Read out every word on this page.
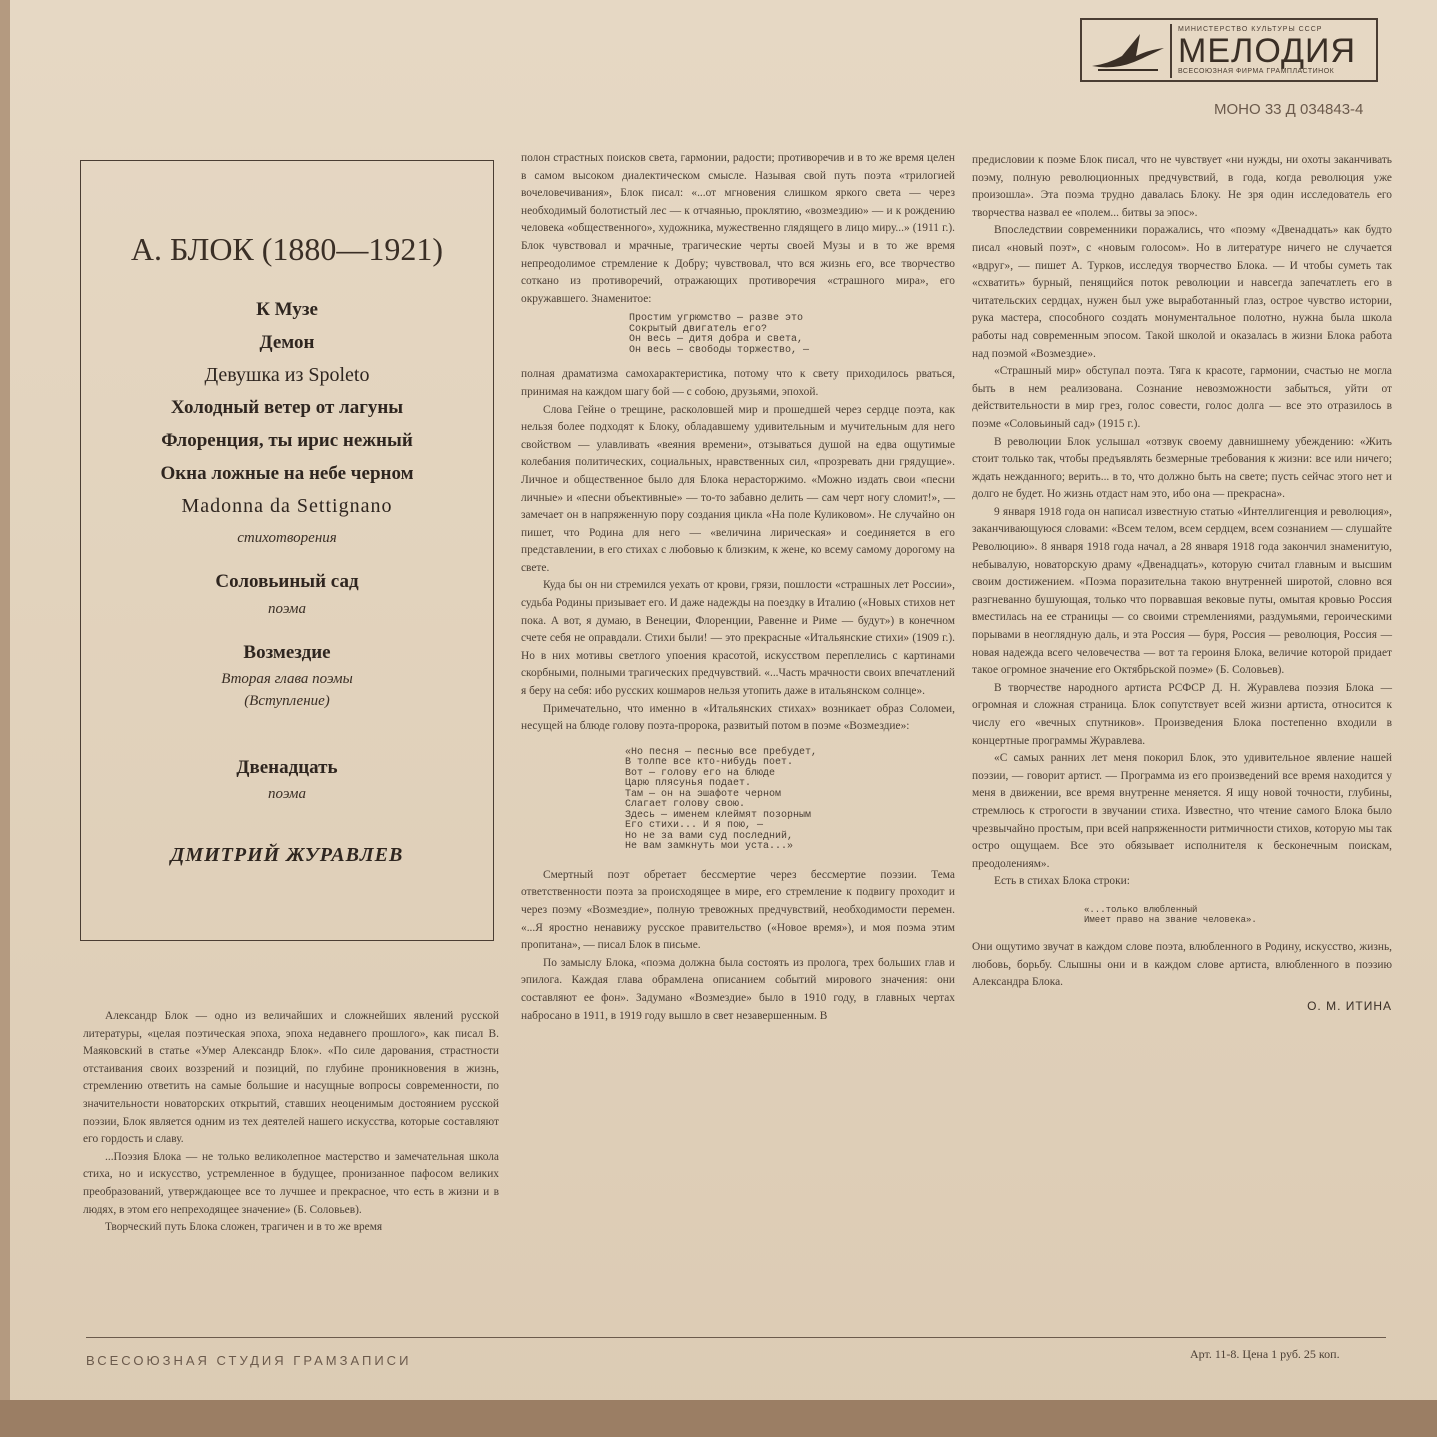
МИНИСТЕРСТВО КУЛЬТУРЫ СССР
МЕЛОДИЯ
ВСЕСОЮЗНАЯ ФИРМА ГРАМПЛАСТИНОК
МОНО 33 Д 034843-4
А. БЛОК (1880—1921)
К Музе
Демон
Девушка из Spoleto
Холодный ветер от лагуны
Флоренция, ты ирис нежный
Окна ложные на небе черном
Madonna da Settignano
стихотворения
Соловьиный сад
поэма
Возмездие
Вторая глава поэмы
(Вступление)
Двенадцать
поэма
ДМИТРИЙ ЖУРАВЛЕВ

Александр Блок — одно из величайших и сложнейших явлений русской литературы, «целая поэтическая эпоха, эпоха недавнего прошлого», как писал В. Маяковский в статье «Умер Александр Блок». «По силе дарования, страстности отстаивания своих воззрений и позиций, по глубине проникновения в жизнь, стремлению ответить на самые большие и насущные вопросы современности, по значительности новаторских открытий, ставших неоценимым достоянием русской поэзии, Блок является одним из тех деятелей нашего искусства, которые составляют его гордость и славу.

...Поэзия Блока — не только великолепное мастерство и замечательная школа стиха, но и искусство, устремленное в будущее, пронизанное пафосом великих преобразований, утверждающее все то лучшее и прекрасное, что есть в жизни и в людях, в этом его непреходящее значение» (Б. Соловьев).

Творческий путь Блока сложен, трагичен и в то же время

полон страстных поисков света, гармонии, радости; противоречив и в то же время целен в самом высоком диалектическом смысле. Называя свой путь поэта «трилогией вочеловечивания», Блок писал: «...от мгновения слишком яркого света — через необходимый болотистый лес — к отчаянью, проклятию, «возмездию» — и к рождению человека «общественного», художника, мужественно глядящего в лицо миру...» (1911 г.). Блок чувствовал и мрачные, трагические черты своей Музы и в то же время непреодолимое стремление к Добру; чувствовал, что вся жизнь его, все творчество соткано из противоречий, отражающих противоречия «страшного мира», его окружавшего. Знаменитое:

Простим угрюмство — разве это
Сокрытый двигатель его?
Он весь — дитя добра и света,
Он весь — свободы торжество, —

полная драматизма самохарактеристика, потому что к свету приходилось рваться, принимая на каждом шагу бой — с собою, друзьями, эпохой.

Слова Гейне о трещине, расколовшей мир и прошедшей через сердце поэта, как нельзя более подходят к Блоку, обладавшему удивительным и мучительным для него свойством — улавливать «веяния времени», отзываться душой на едва ощутимые колебания политических, социальных, нравственных сил, «прозревать дни грядущие». Личное и общественное было для Блока нерасторжимо. «Можно издать свои «песни личные» и «песни объективные» — то-то забавно делить — сам черт ногу сломит!», — замечает он в напряженную пору создания цикла «На поле Куликовом». Не случайно он пишет, что Родина для него — «величина лирическая» и соединяется в его представлении, в его стихах с любовью к близким, к жене, ко всему самому дорогому на свете.

Куда бы он ни стремился уехать от крови, грязи, пошлости «страшных лет России», судьба Родины призывает его. И даже надежды на поездку в Италию («Новых стихов нет пока. А вот, я думаю, в Венеции, Флоренции, Равенне и Риме — будут») в конечном счете себя не оправдали. Стихи были! — это прекрасные «Итальянские стихи» (1909 г.). Но в них мотивы светлого упоения красотой, искусством переплелись с картинами скорбными, полными трагических предчувствий. «...Часть мрачности своих впечатлений я беру на себя: ибо русских кошмаров нельзя утопить даже в итальянском солнце».

Примечательно, что именно в «Итальянских стихах» возникает образ Соломеи, несущей на блюде голову поэта-пророка, развитый потом в поэме «Возмездие»:

«Но песня — песнью все пребудет,
В толпе все кто-нибудь поет.
Вот — голову его на блюде
Царю плясунья подает.
Там — он на эшафоте черном
Слагает голову свою.
Здесь — именем клеймят позорным
Его стихи... И я пою, —
Но не за вами суд последний,
Не вам замкнуть мои уста...»

Смертный поэт обретает бессмертие через бессмертие поэзии. Тема ответственности поэта за происходящее в мире, его стремление к подвигу проходит и через поэму «Возмездие», полную тревожных предчувствий, необходимости перемен. «...Я яростно ненавижу русское правительство («Новое время»), и моя поэма этим пропитана», — писал Блок в письме.

По замыслу Блока, «поэма должна была состоять из пролога, трех больших глав и эпилога. Каждая глава обрамлена описанием событий мирового значения: они составляют ее фон». Задумано «Возмездие» было в 1910 году, в главных чертах набросано в 1911, в 1919 году вышло в свет незавершенным. В

предисловии к поэме Блок писал, что не чувствует «ни нужды, ни охоты заканчивать поэму, полную революционных предчувствий, в года, когда революция уже произошла». Эта поэма трудно давалась Блоку. Не зря один исследователь его творчества назвал ее «полем... битвы за эпос».

Впоследствии современники поражались, что «поэму «Двенадцать» как будто писал «новый поэт», с «новым голосом». Но в литературе ничего не случается «вдруг», — пишет А. Турков, исследуя творчество Блока. — И чтобы суметь так «схватить» бурный, пенящийся поток революции и навсегда запечатлеть его в читательских сердцах, нужен был уже выработанный глаз, острое чувство истории, рука мастера, способного создать монументальное полотно, нужна была школа работы над современным эпосом. Такой школой и оказалась в жизни Блока работа над поэмой «Возмездие».

«Страшный мир» обступал поэта. Тяга к красоте, гармонии, счастью не могла быть в нем реализована. Сознание невозможности забыться, уйти от действительности в мир грез, голос совести, голос долга — все это отразилось в поэме «Соловьиный сад» (1915 г.).

В революции Блок услышал «отзвук своему давнишнему убеждению: «Жить стоит только так, чтобы предъявлять безмерные требования к жизни: все или ничего; ждать нежданного; верить... в то, что должно быть на свете; пусть сейчас этого нет и долго не будет. Но жизнь отдаст нам это, ибо она — прекрасна».

9 января 1918 года он написал известную статью «Интеллигенция и революция», заканчивающуюся словами: «Всем телом, всем сердцем, всем сознанием — слушайте Революцию». 8 января 1918 года начал, а 28 января 1918 года закончил знаменитую, небывалую, новаторскую драму «Двенадцать», которую считал главным и высшим своим достижением. «Поэма поразительна такою внутренней широтой, словно вся разгневанно бушующая, только что порвавшая вековые путы, омытая кровью Россия вместилась на ее страницы — со своими стремлениями, раздумьями, героическими порывами в неоглядную даль, и эта Россия — буря, Россия — революция, Россия — новая надежда всего человечества — вот та героиня Блока, величие которой придает такое огромное значение его Октябрьской поэме» (Б. Соловьев).

В творчестве народного артиста РСФСР Д. Н. Журавлева поэзия Блока — огромная и сложная страница. Блок сопутствует всей жизни артиста, относится к числу его «вечных спутников». Произведения Блока постепенно входили в концертные программы Журавлева.

«С самых ранних лет меня покорил Блок, это удивительное явление нашей поэзии, — говорит артист. — Программа из его произведений все время находится у меня в движении, все время внутренне меняется. Я ищу новой точности, глубины, стремлюсь к строгости в звучании стиха. Известно, что чтение самого Блока было чрезвычайно простым, при всей напряженности ритмичности стихов, которую мы так остро ощущаем. Все это обязывает исполнителя к бесконечным поискам, преодолениям».

Есть в стихах Блока строки:

«...только влюбленный
Имеет право на звание человека».

Они ощутимо звучат в каждом слове поэта, влюбленного в Родину, искусство, жизнь, любовь, борьбу. Слышны они и в каждом слове артиста, влюбленного в поэзию Александра Блока.

О. М. ИТИНА
ВСЕСОЮЗНАЯ СТУДИЯ ГРАМЗАПИСИ	Арт. 11-8. Цена 1 руб. 25 коп.
